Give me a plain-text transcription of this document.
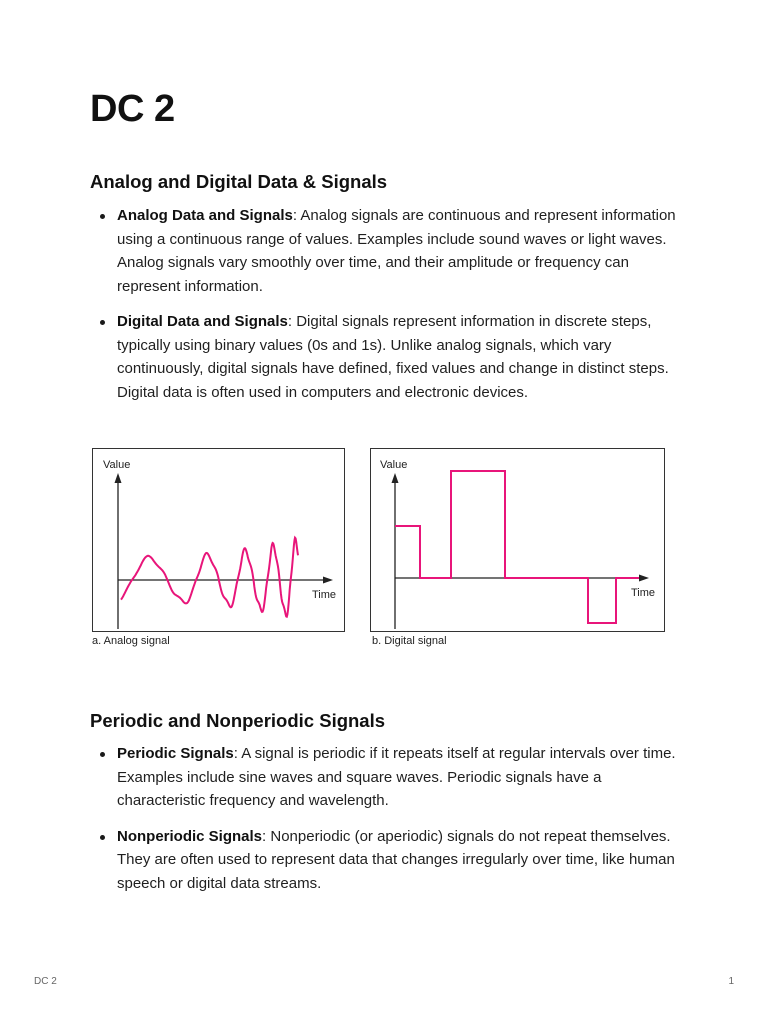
DC 2
Analog and Digital Data & Signals
Analog Data and Signals: Analog signals are continuous and represent information using a continuous range of values. Examples include sound waves or light waves. Analog signals vary smoothly over time, and their amplitude or frequency can represent information.
Digital Data and Signals: Digital signals represent information in discrete steps, typically using binary values (0s and 1s). Unlike analog signals, which vary continuously, digital signals have defined, fixed values and change in distinct steps. Digital data is often used in computers and electronic devices.
Value
Time
a. Analog signal
Value
Time
b. Digital signal
Periodic and Nonperiodic Signals
Periodic Signals: A signal is periodic if it repeats itself at regular intervals over time. Examples include sine waves and square waves. Periodic signals have a characteristic frequency and wavelength.
Nonperiodic Signals: Nonperiodic (or aperiodic) signals do not repeat themselves. They are often used to represent data that changes irregularly over time, like human speech or digital data streams.
DC 2	1
